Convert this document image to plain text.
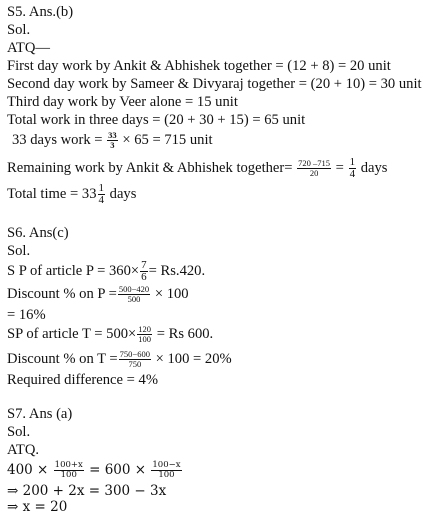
S5. Ans.(b)
Sol.
ATQ—
First day work by Ankit & Abhishek together = (12 + 8) = 20 unit
Second day work by Sameer & Divyaraj together = (20 + 10) = 30 unit
Third day work by Veer alone = 15 unit
Total work in three days = (20 + 30 + 15) = 65 unit
33 days work = $\frac{33}{3} \times 65 = 715$ unit
Remaining work by Ankit & Abhishek together= $\frac{720 -715}{20} = \frac{1}{4}$ days
Total time = $33 \frac{1}{4}$ days
S6. Ans(c)
Sol.
S P of article $P = 360\times \frac{7}{6} = Rs.420$.
Discount % on $P = \frac{500-420}{500} \times 100$
= 16%
SP of article $T = 500\times \frac{120}{100} = Rs$ 600.
Discount % on $T = \frac{750-600}{750} \times 100 = 20\%$
Required difference = 4%
S7. Ans (a)
Sol.
ATQ.
$400 \times \frac{100+x}{100} = 600 \times \frac{100-x}{100}$
⇒ 200 + 2x = 300 − 3x
⇒ x = 20
